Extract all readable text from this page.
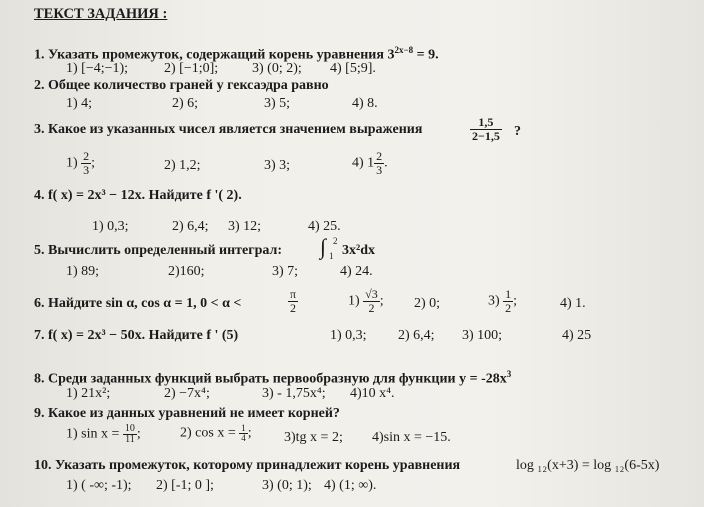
ТЕКСТ ЗАДАНИЯ :
1. Указать промежуток, содержащий корень уравнения $3^{2x-8} = 9$.
1) [−4;−1);	2) [−1;0]; 3) (0; 2); 4) [5;9].
2. Общее количество граней у гексаэдра равно
1) 4;	2) 6;	3) 5;	4) 8.
3. Какое из указанных чисел является значением выражения	$\frac{1,5}{2-1,5}$ ?
$1) \frac{2}{3}$ ;	2) 1,2;	3) 3;	4) $1 \frac{2}{3}$ .
4. f( x) = 2x³ − 12x. Найдите f '( 2).
1) 0,3;	2) 6,4; 3) 12;	4) 25.
5. Вычислить определенный интеграл: ∫ 2
1 3x²dx
1) 89;	2)160;	3) 7;	4) 24.
6. Найдите sin α, cos α = 1, 0 < α <	$\frac{\pi}{2}$	$1) \frac{√3}{2}$ ; 2) 0;	$3) \frac{1}{2}$ ;	4) 1.
7. f( x) = 2x³ − 50x. Найдите f ' (5)	1) 0,3; 2) 6,4; 3) 100;	4) 25
8. Среди заданных функций выбрать первообразную для функции $y = -28x^3$
1) 21x²;	2) −7x⁴;	3) - 1,75x⁴; 4)10 x⁴.
9. Какое из данных уравнений не имеет корней?
1) $\sin x = \frac{10}{11}$ ;	2) $\cos x = \frac{1}{4}$ ; 3)tg x = 2; 4)sin x = −15.
10. Указать промежуток, которому принадлежит корень уравнения	log ₁₂(x+3) = log ₁₂(6-5x)
1) ( -∞; -1); 2) [-1; 0 ];	3) (0; 1); 4) (1; ∞).
